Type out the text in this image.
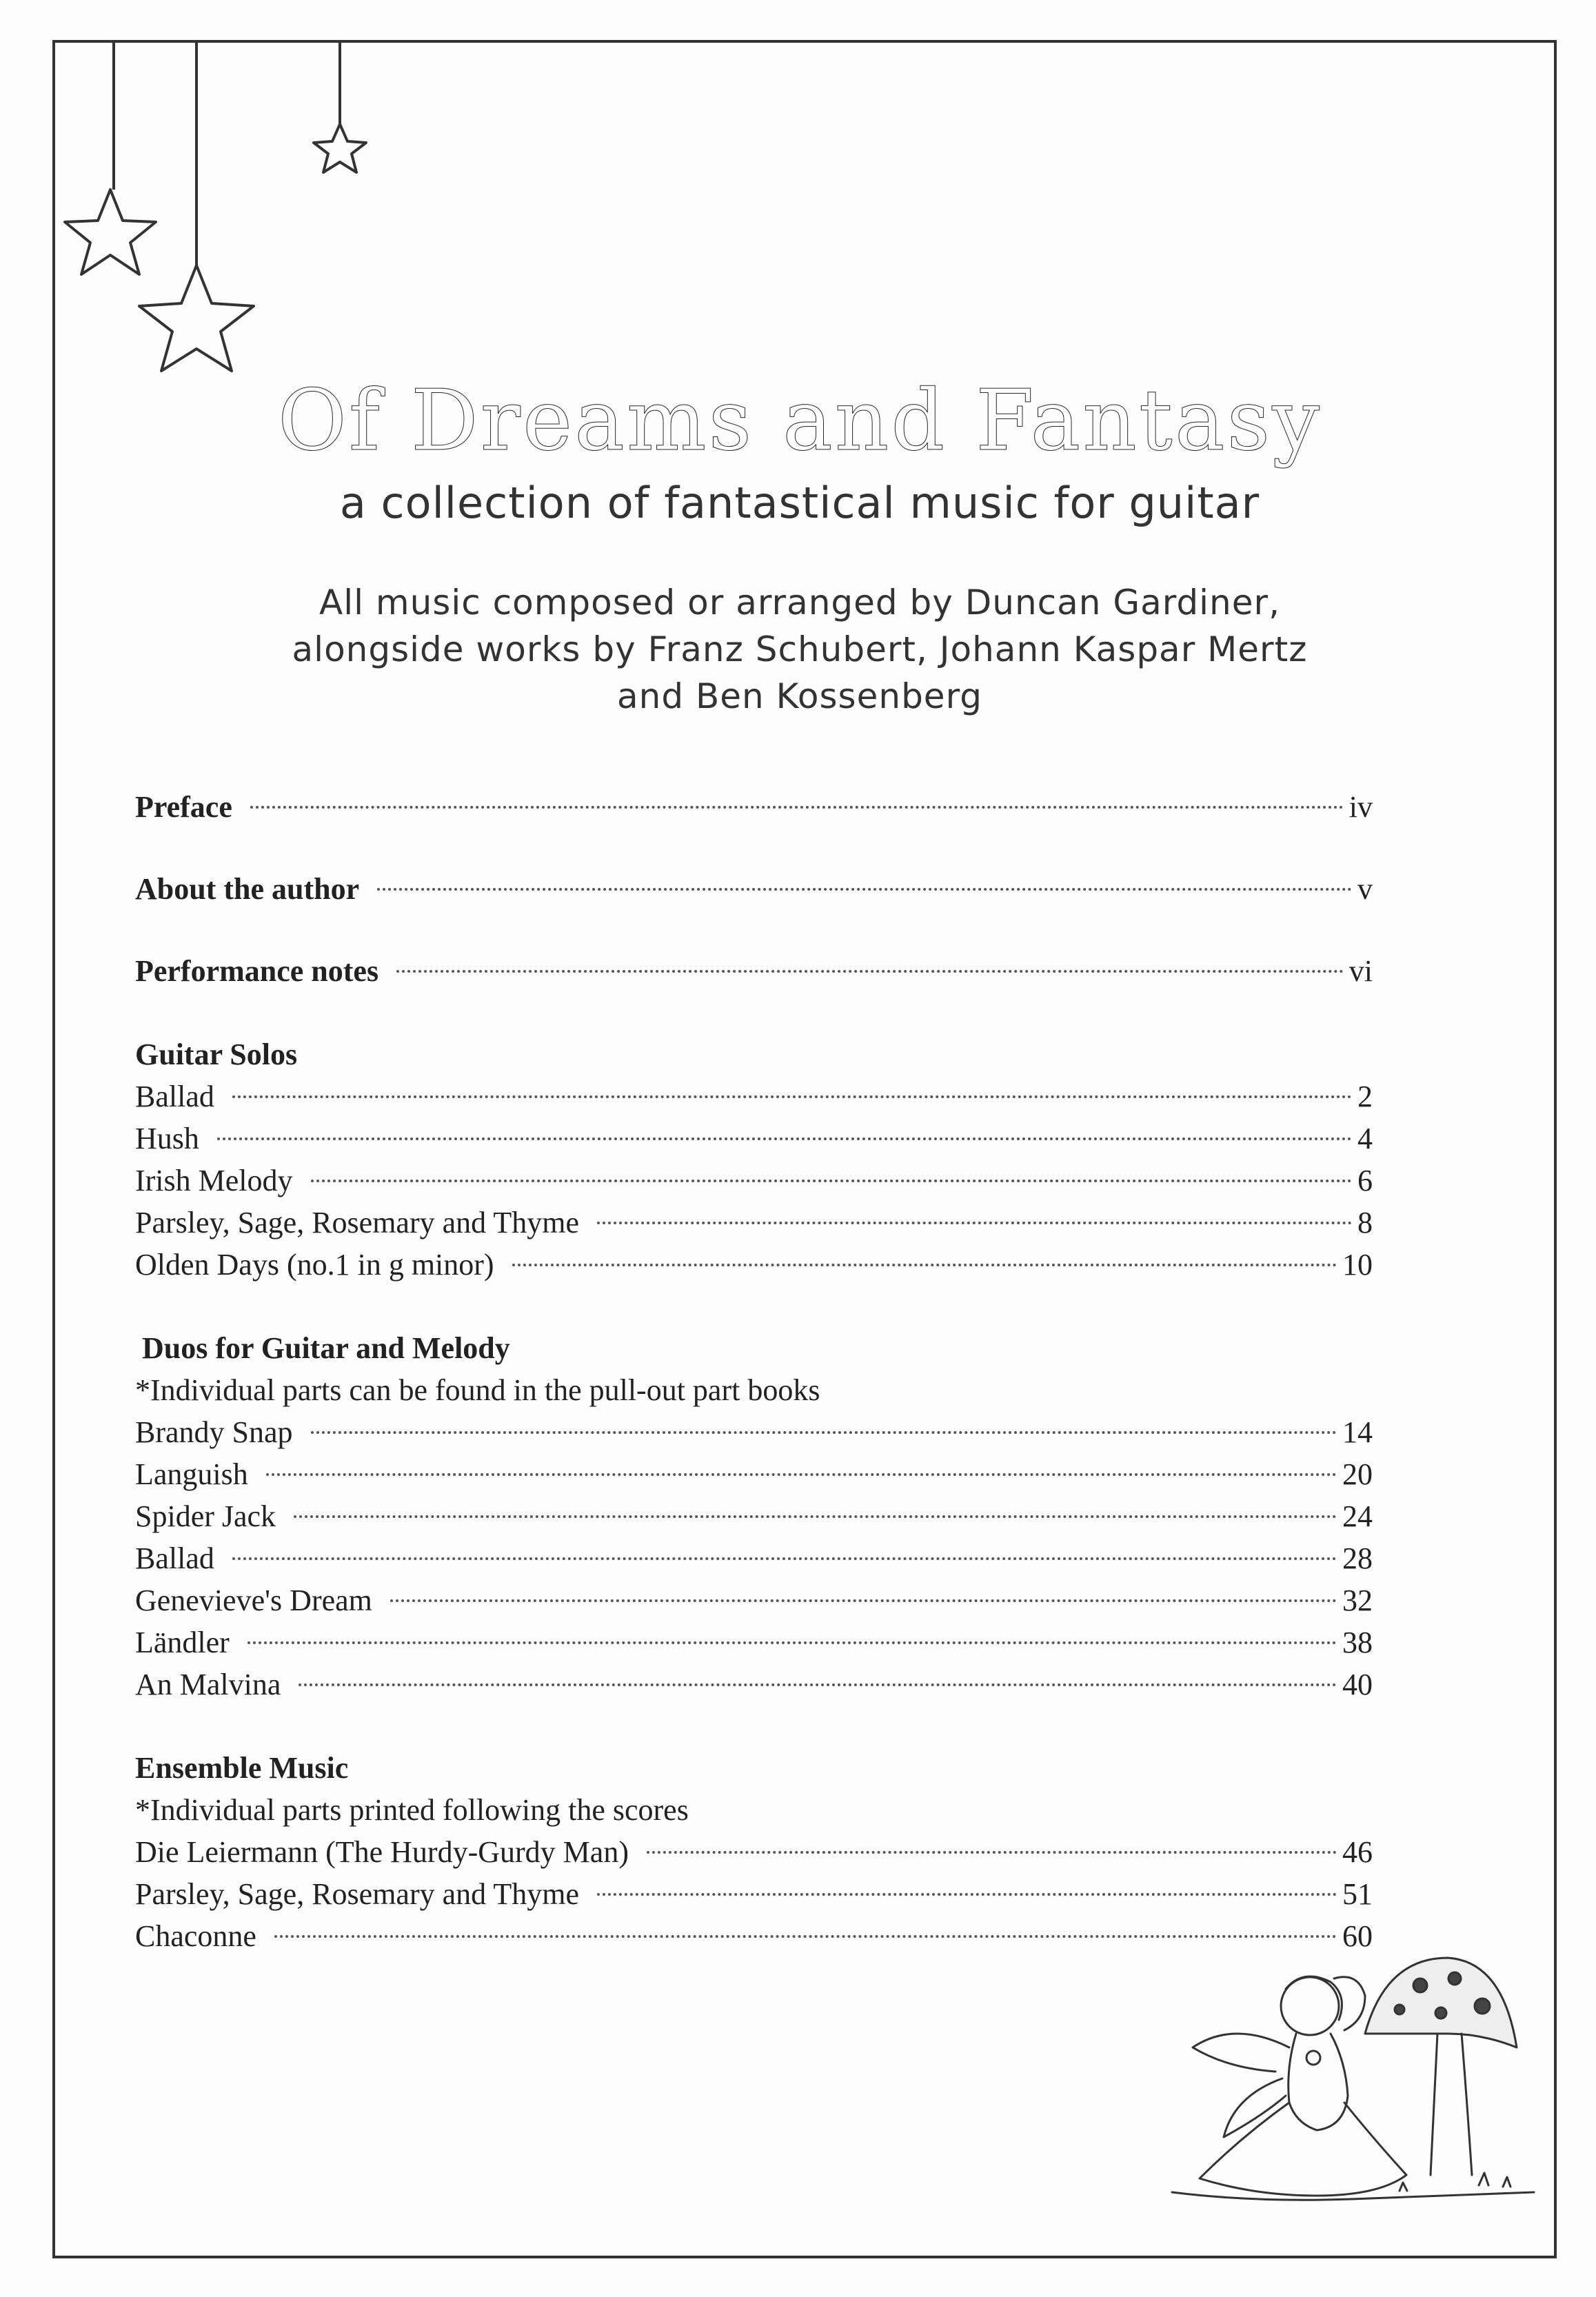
Of Dreams and Fantasy

a collection of fantastical music for guitar

All music composed or arranged by Duncan Gardiner,
alongside works by Franz Schubert, Johann Kaspar Mertz
and Ben Kossenberg
Preface	iv
About the author	v
Performance notes	vi
Guitar Solos
Ballad	2
Hush	4
Irish Melody	6
Parsley, Sage, Rosemary and Thyme	8
Olden Days (no.1 in g minor)	10
Duos for Guitar and Melody
*Individual parts can be found in the pull-out part books
Brandy Snap	14
Languish	20
Spider Jack	24
Ballad	28
Genevieve's Dream	32
Ländler	38
An Malvina	40
Ensemble Music
*Individual parts printed following the scores
Die Leiermann (The Hurdy-Gurdy Man)	46
Parsley, Sage, Rosemary and Thyme	51
Chaconne	60
